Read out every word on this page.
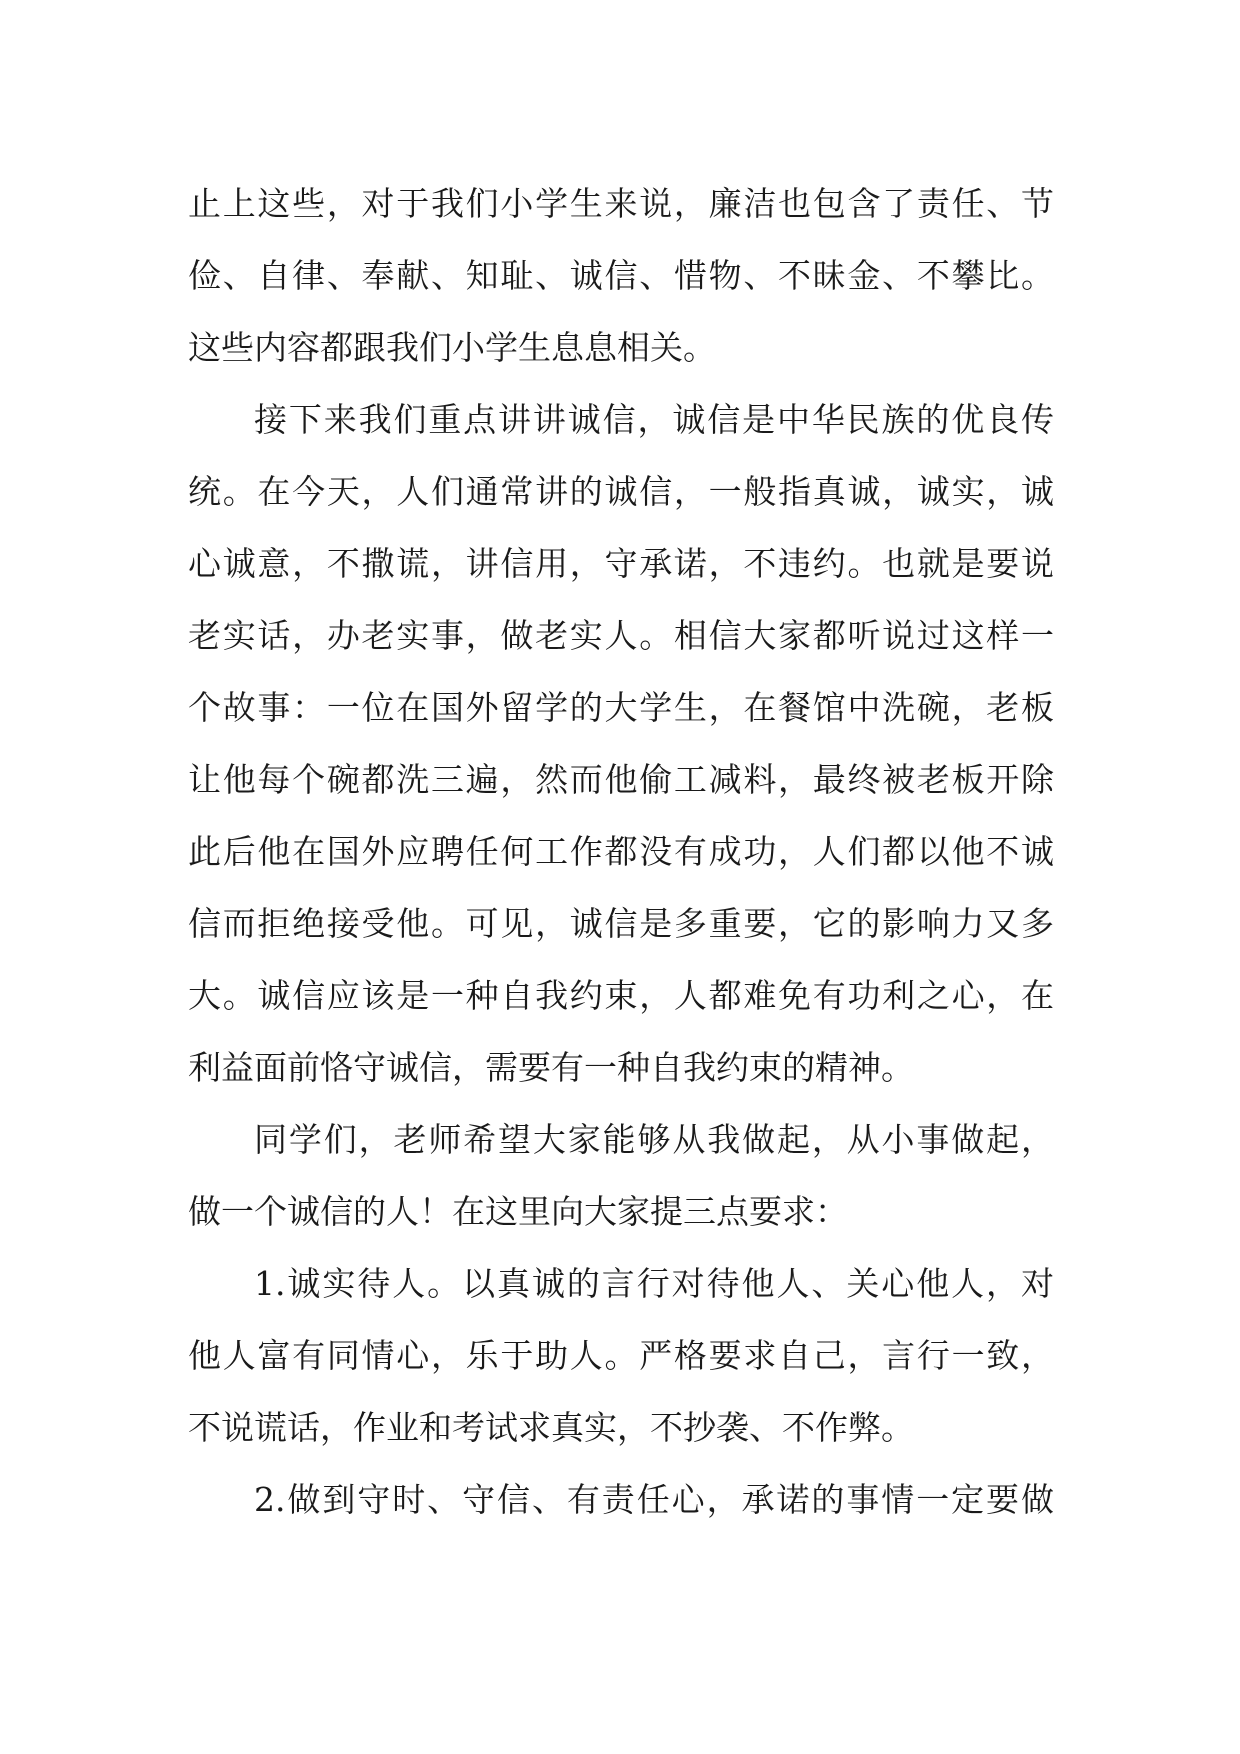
止上这些，对于我们小学生来说，廉洁也包含了责任、节
俭、自律、奉献、知耻、诚信、惜物、不昧金、不攀比。
这些内容都跟我们小学生息息相关。
接下来我们重点讲讲诚信，诚信是中华民族的优良传
统。在今天，人们通常讲的诚信，一般指真诚，诚实，诚
心诚意，不撒谎，讲信用，守承诺，不违约。也就是要说
老实话，办老实事，做老实人。相信大家都听说过这样一
个故事：一位在国外留学的大学生，在餐馆中洗碗，老板
让他每个碗都洗三遍，然而他偷工减料，最终被老板开除
此后他在国外应聘任何工作都没有成功，人们都以他不诚
信而拒绝接受他。可见，诚信是多重要，它的影响力又多
大。诚信应该是一种自我约束，人都难免有功利之心，在
利益面前恪守诚信，需要有一种自我约束的精神。
同学们，老师希望大家能够从我做起，从小事做起，
做一个诚信的人！在这里向大家提三点要求：
1.诚实待人。以真诚的言行对待他人、关心他人，对
他人富有同情心，乐于助人。严格要求自己，言行一致，
不说谎话，作业和考试求真实，不抄袭、不作弊。
2.做到守时、守信、有责任心，承诺的事情一定要做
